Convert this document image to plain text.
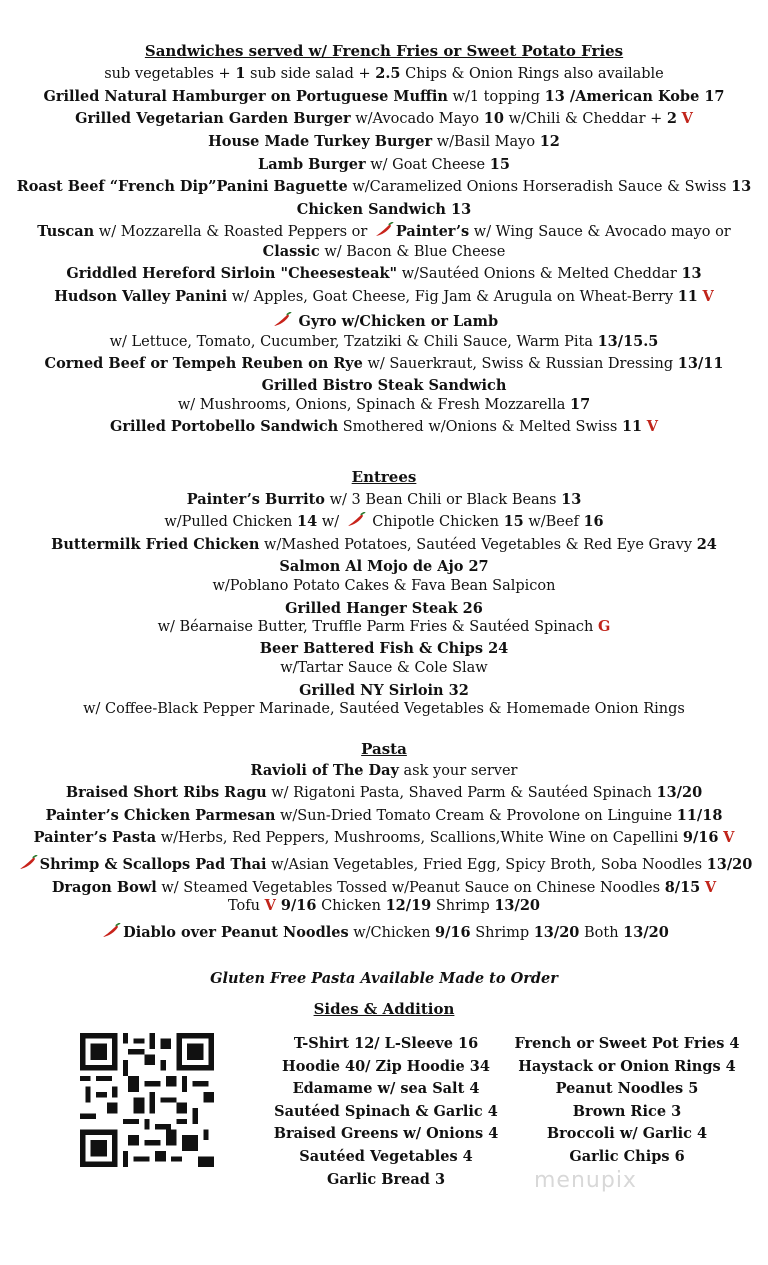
Sandwiches served w/ French Fries or Sweet Potato Fries
sub vegetables + 1 sub side salad + 2.5 Chips & Onion Rings also available
Grilled Natural Hamburger on Portuguese Muffin w/1 topping 13 /American Kobe 17
Grilled Vegetarian Garden Burger w/Avocado Mayo 10 w/Chili & Cheddar + 2 V
House Made Turkey Burger w/Basil Mayo 12
Lamb Burger w/ Goat Cheese 15
Roast Beef “French Dip”Panini Baguette w/Caramelized Onions Horseradish Sauce & Swiss 13
Chicken Sandwich 13
Tuscan w/ Mozzarella & Roasted Peppers or Painter’s w/ Wing Sauce & Avocado mayo or
Classic w/ Bacon & Blue Cheese
Griddled Hereford Sirloin "Cheesesteak" w/Sautéed Onions & Melted Cheddar 13
Hudson Valley Panini w/ Apples, Goat Cheese, Fig Jam & Arugula on Wheat-Berry 11 V
Gyro w/Chicken or Lamb
w/ Lettuce, Tomato, Cucumber, Tzatziki & Chili Sauce, Warm Pita 13/15.5
Corned Beef or Tempeh Reuben on Rye w/ Sauerkraut, Swiss & Russian Dressing 13/11
Grilled Bistro Steak Sandwich
w/ Mushrooms, Onions, Spinach & Fresh Mozzarella 17
Grilled Portobello Sandwich Smothered w/Onions & Melted Swiss 11 V
Entrees
Painter’s Burrito w/ 3 Bean Chili or Black Beans 13
w/Pulled Chicken 14 w/  Chipotle Chicken 15 w/Beef 16
Buttermilk Fried Chicken w/Mashed Potatoes, Sautéed Vegetables & Red Eye Gravy 24
Salmon Al Mojo de Ajo 27
w/Poblano Potato Cakes & Fava Bean Salpicon
Grilled Hanger Steak 26
w/ Béarnaise Butter, Truffle Parm Fries & Sautéed Spinach G
Beer Battered Fish & Chips 24
w/Tartar Sauce & Cole Slaw
Grilled NY Sirloin 32
w/ Coffee-Black Pepper Marinade, Sautéed Vegetables & Homemade Onion Rings
Pasta
Ravioli of The Day ask your server
Braised Short Ribs Ragu w/ Rigatoni Pasta, Shaved Parm & Sautéed Spinach 13/20
Painter’s Chicken Parmesan w/Sun-Dried Tomato Cream & Provolone on Linguine 11/18
Painter’s Pasta w/Herbs, Red Peppers, Mushrooms, Scallions,White Wine on Capellini 9/16 V
Shrimp & Scallops Pad Thai w/Asian Vegetables, Fried Egg, Spicy Broth, Soba Noodles 13/20
Dragon Bowl w/ Steamed Vegetables Tossed w/Peanut Sauce on Chinese Noodles 8/15 V
Tofu V 9/16 Chicken 12/19 Shrimp 13/20
Diablo over Peanut Noodles w/Chicken 9/16 Shrimp 13/20 Both 13/20
Gluten Free Pasta Available Made to Order
Sides & Addition
T-Shirt 12/ L-Sleeve 16
Hoodie 40/ Zip Hoodie 34
Edamame w/ sea Salt 4
Sautéed Spinach & Garlic 4
Braised Greens w/ Onions 4
Sautéed Vegetables 4
Garlic Bread 3
French or Sweet Pot Fries 4
Haystack or Onion Rings 4
Peanut Noodles 5
Brown Rice 3
Broccoli w/ Garlic 4
Garlic Chips 6
menupix
